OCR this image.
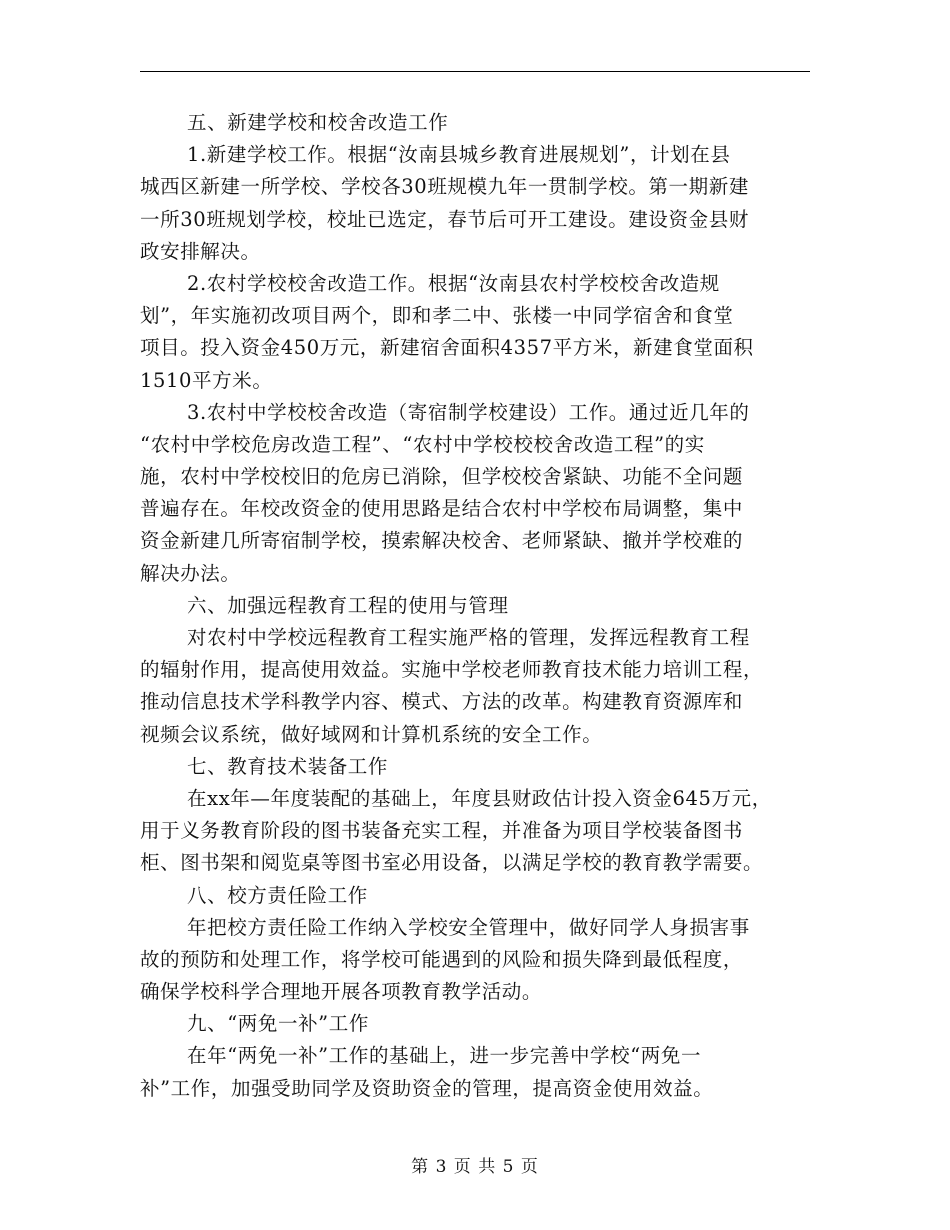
五、新建学校和校舍改造工作
1.新建学校工作。根据“汝南县城乡教育进展规划”，计划在县
城西区新建一所学校、学校各30班规模九年一贯制学校。第一期新建
一所30班规划学校，校址已选定，春节后可开工建设。建设资金县财
政安排解决。
2.农村学校校舍改造工作。根据“汝南县农村学校校舍改造规
划”，年实施初改项目两个，即和孝二中、张楼一中同学宿舍和食堂
项目。投入资金450万元，新建宿舍面积4357平方米，新建食堂面积
1510平方米。
3.农村中学校校舍改造（寄宿制学校建设）工作。通过近几年的
“农村中学校危房改造工程”、“农村中学校校校舍改造工程”的实
施，农村中学校校旧的危房已消除，但学校校舍紧缺、功能不全问题
普遍存在。年校改资金的使用思路是结合农村中学校布局调整，集中
资金新建几所寄宿制学校，摸索解决校舍、老师紧缺、撤并学校难的
解决办法。
六、加强远程教育工程的使用与管理
对农村中学校远程教育工程实施严格的管理，发挥远程教育工程
的辐射作用，提高使用效益。实施中学校老师教育技术能力培训工程，
推动信息技术学科教学内容、模式、方法的改革。构建教育资源库和
视频会议系统，做好域网和计算机系统的安全工作。
七、教育技术装备工作
在xx年—年度装配的基础上，年度县财政估计投入资金645万元，
用于义务教育阶段的图书装备充实工程，并准备为项目学校装备图书
柜、图书架和阅览桌等图书室必用设备，以满足学校的教育教学需要。
八、校方责任险工作
年把校方责任险工作纳入学校安全管理中，做好同学人身损害事
故的预防和处理工作，将学校可能遇到的风险和损失降到最低程度，
确保学校科学合理地开展各项教育教学活动。
九、“两免一补”工作
在年“两免一补”工作的基础上，进一步完善中学校“两免一
补”工作，加强受助同学及资助资金的管理，提高资金使用效益。
第 3 页 共 5 页
